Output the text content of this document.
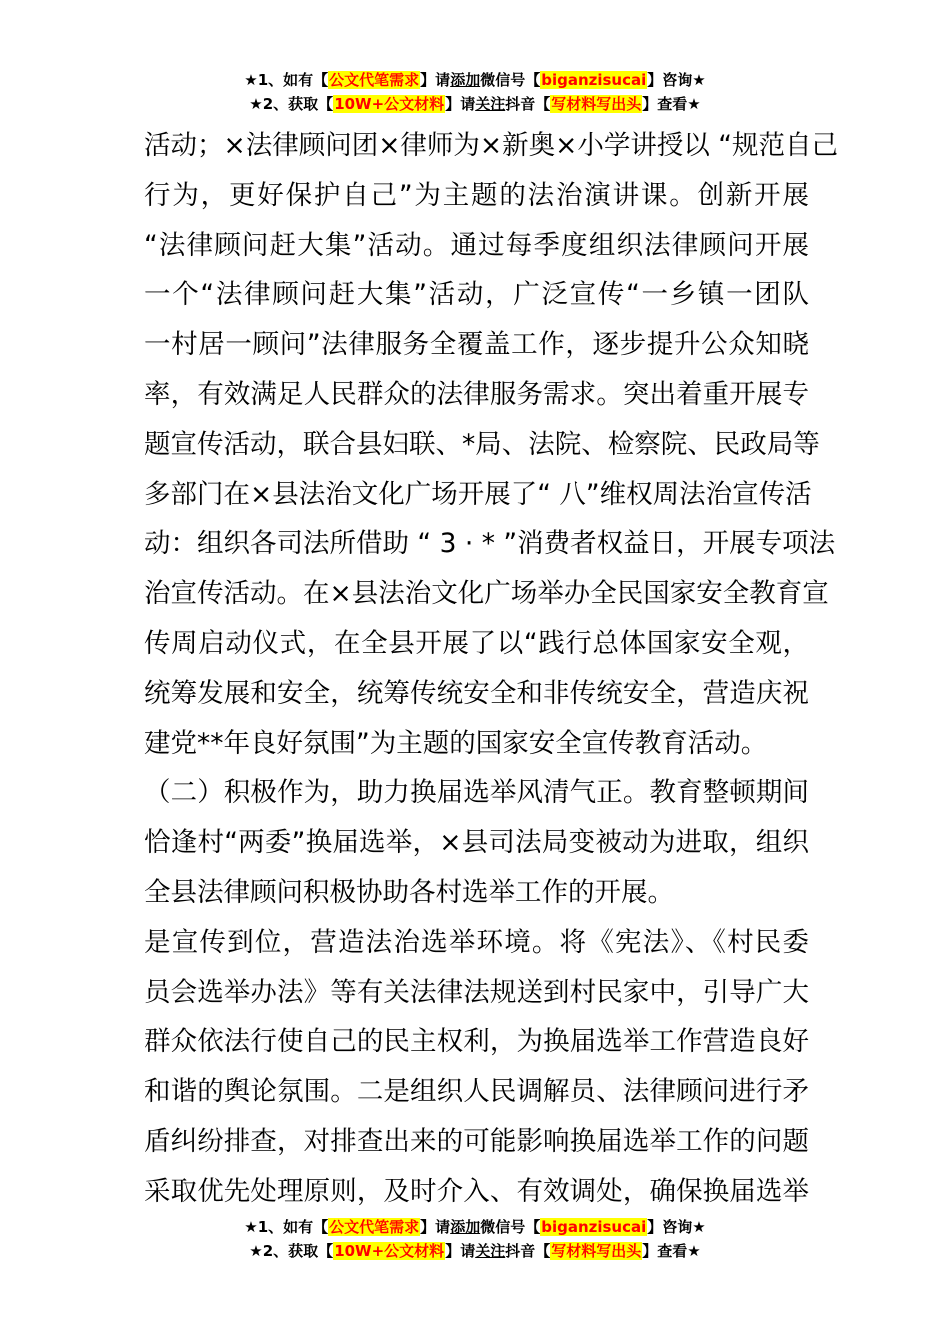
★1、如有【公文代笔需求】请添加微信号【biganzisucai】咨询★
★2、获取【10W+公文材料】请关注抖音【写材料写出头】查看★
活动；×法律顾问团×律师为×新奥×小学讲授以 “规范自己
行为，更好保护自己”为主题的法治演讲课。创新开展
“法律顾问赶大集”活动。通过每季度组织法律顾问开展
一个“法律顾问赶大集”活动，广泛宣传“一乡镇一团队
一村居一顾问”法律服务全覆盖工作，逐步提升公众知晓
率，有效满足人民群众的法律服务需求。突出着重开展专
题宣传活动，联合县妇联、*局、法院、检察院、民政局等
多部门在×县法治文化广场开展了“ 八”维权周法治宣传活
动：组织各司法所借助 “ 3 · * ”消费者权益日，开展专项法
治宣传活动。在×县法治文化广场举办全民国家安全教育宣
传周启动仪式，在全县开展了以“践行总体国家安全观，
统筹发展和安全，统筹传统安全和非传统安全，营造庆祝
建党**年良好氛围”为主题的国家安全宣传教育活动。
（二）积极作为，助力换届选举风清气正。教育整顿期间
恰逢村“两委”换届选举，×县司法局变被动为进取，组织
全县法律顾问积极协助各村选举工作的开展。
是宣传到位，营造法治选举环境。将《宪法》、《村民委
员会选举办法》等有关法律法规送到村民家中，引导广大
群众依法行使自己的民主权利，为换届选举工作营造良好
和谐的舆论氛围。二是组织人民调解员、法律顾问进行矛
盾纠纷排查，对排查出来的可能影响换届选举工作的问题
采取优先处理原则，及时介入、有效调处，确保换届选举
★1、如有【公文代笔需求】请添加微信号【biganzisucai】咨询★
★2、获取【10W+公文材料】请关注抖音【写材料写出头】查看★
